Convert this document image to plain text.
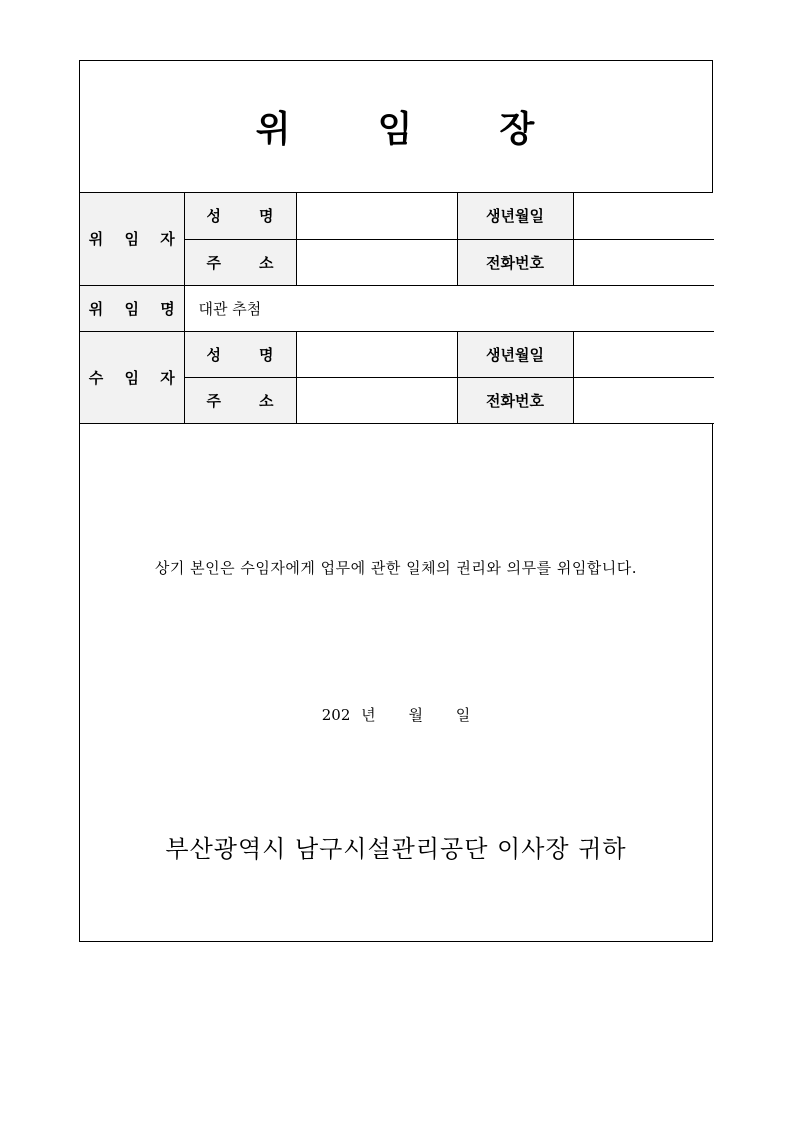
위  임  장
위 임 자	성 명		생년월일	

	주 소		전화번호	
위 임 명	대관 추첨			
수 임 자	성 명		생년월일	

	주 소		전화번호	
상기 본인은 수임자에게 업무에 관한 일체의 권리와 의무를 위임합니다.
202 년 월 일
부산광역시 남구시설관리공단 이사장 귀하
